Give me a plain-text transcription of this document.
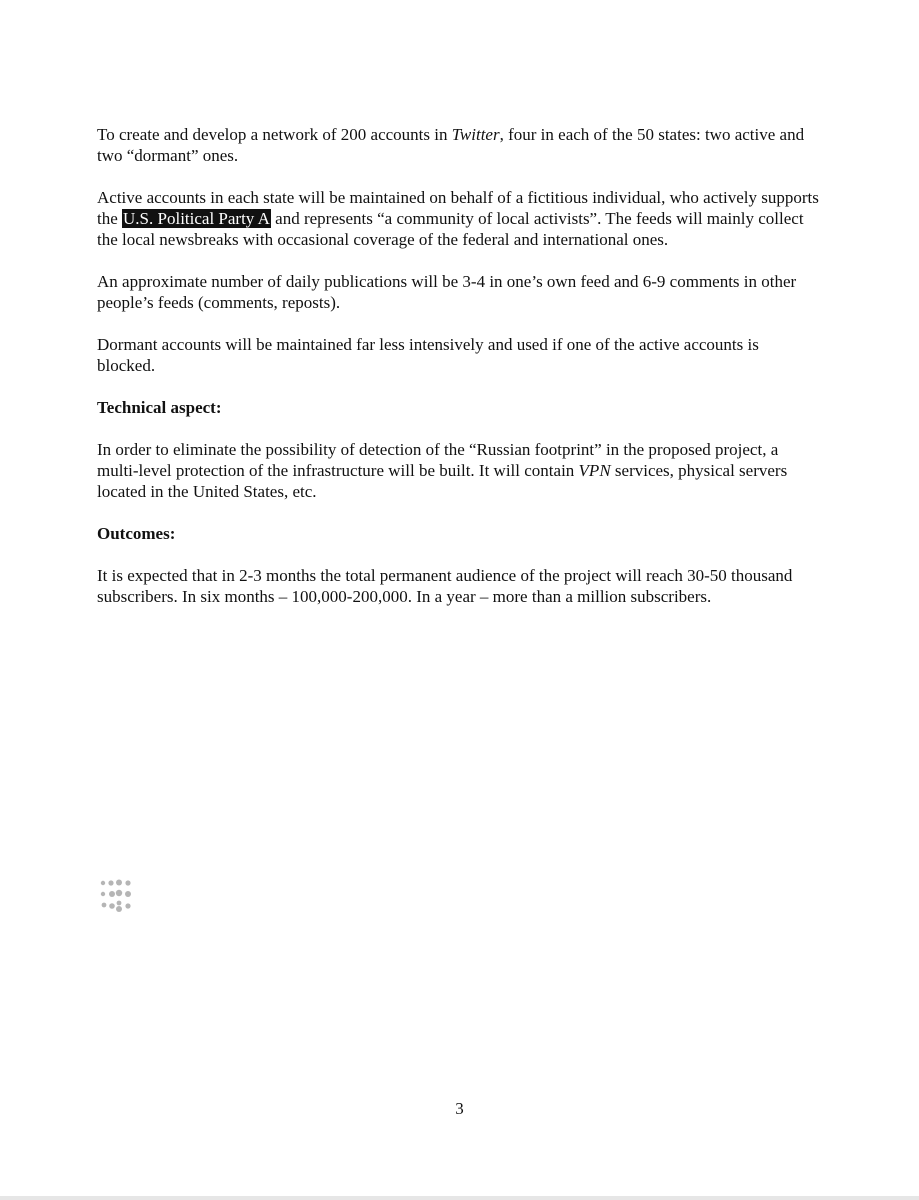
To create and develop a network of 200 accounts in Twitter, four in each of the 50 states: two active and two “dormant” ones.

Active accounts in each state will be maintained on behalf of a fictitious individual, who actively supports the U.S. Political Party A and represents “a community of local activists”. The feeds will mainly collect the local newsbreaks with occasional coverage of the federal and international ones.

An approximate number of daily publications will be 3-4 in one’s own feed and 6-9 comments in other people’s feeds (comments, reposts).

Dormant accounts will be maintained far less intensively and used if one of the active accounts is blocked.

Technical aspect:

In order to eliminate the possibility of detection of the “Russian footprint” in the proposed project, a multi-level protection of the infrastructure will be built. It will contain VPN services, physical servers located in the United States, etc.

Outcomes:

It is expected that in 2-3 months the total permanent audience of the project will reach 30-50 thousand subscribers. In six months – 100,000-200,000. In a year – more than a million subscribers.

3
